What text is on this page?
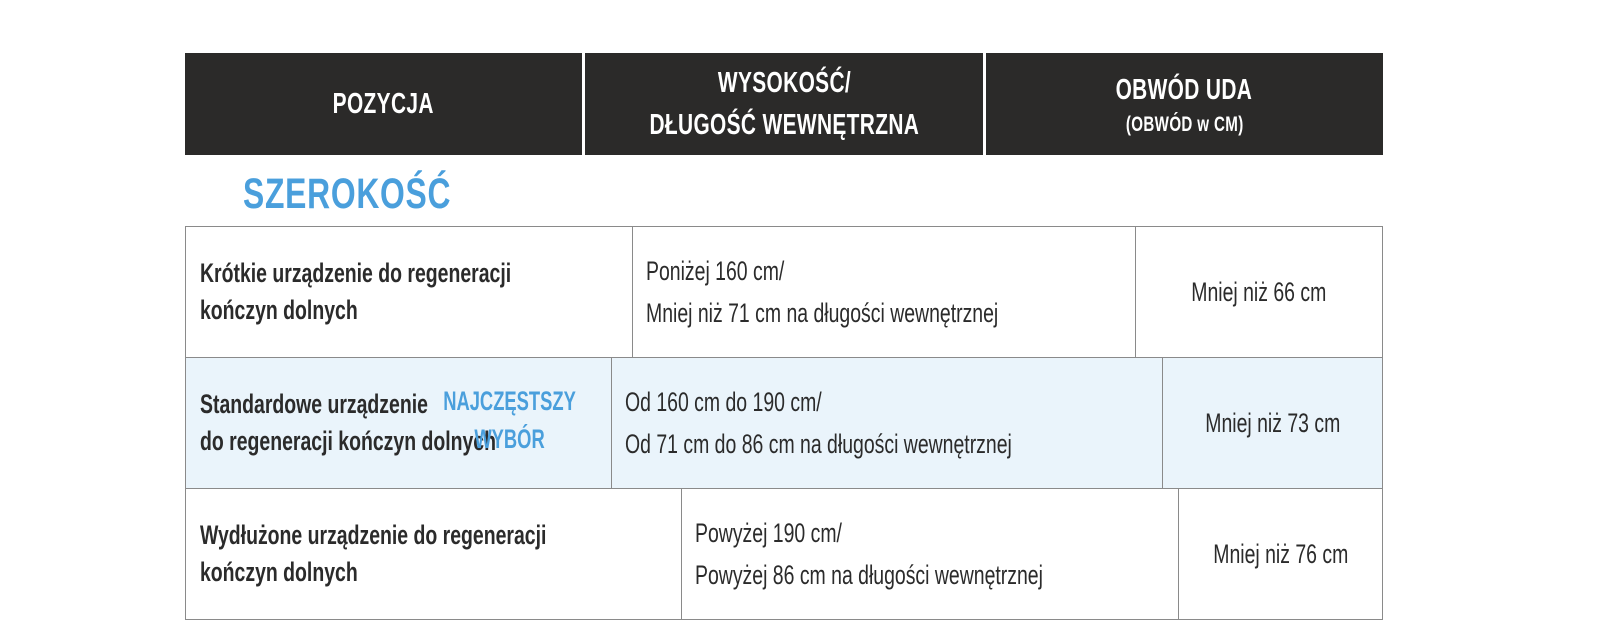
POZYCJA
WYSOKOŚĆ/
DŁUGOŚĆ WEWNĘTRZNA
OBWÓD UDA
(OBWÓD w CM)
SZEROKOŚĆ
Krótkie urządzenie do regeneracji
kończyn dolnych
Poniżej 160 cm/
Mniej niż 71 cm na długości wewnętrznej
Mniej niż 66 cm
Standardowe urządzenie
do regeneracji kończyn dolnych
NAJCZĘSTSZY
WYBÓR
Od 160 cm do 190 cm/
Od 71 cm do 86 cm na długości wewnętrznej
Mniej niż 73 cm
Wydłużone urządzenie do regeneracji
kończyn dolnych
Powyżej 190 cm/
Powyżej 86 cm na długości wewnętrznej
Mniej niż 76 cm
